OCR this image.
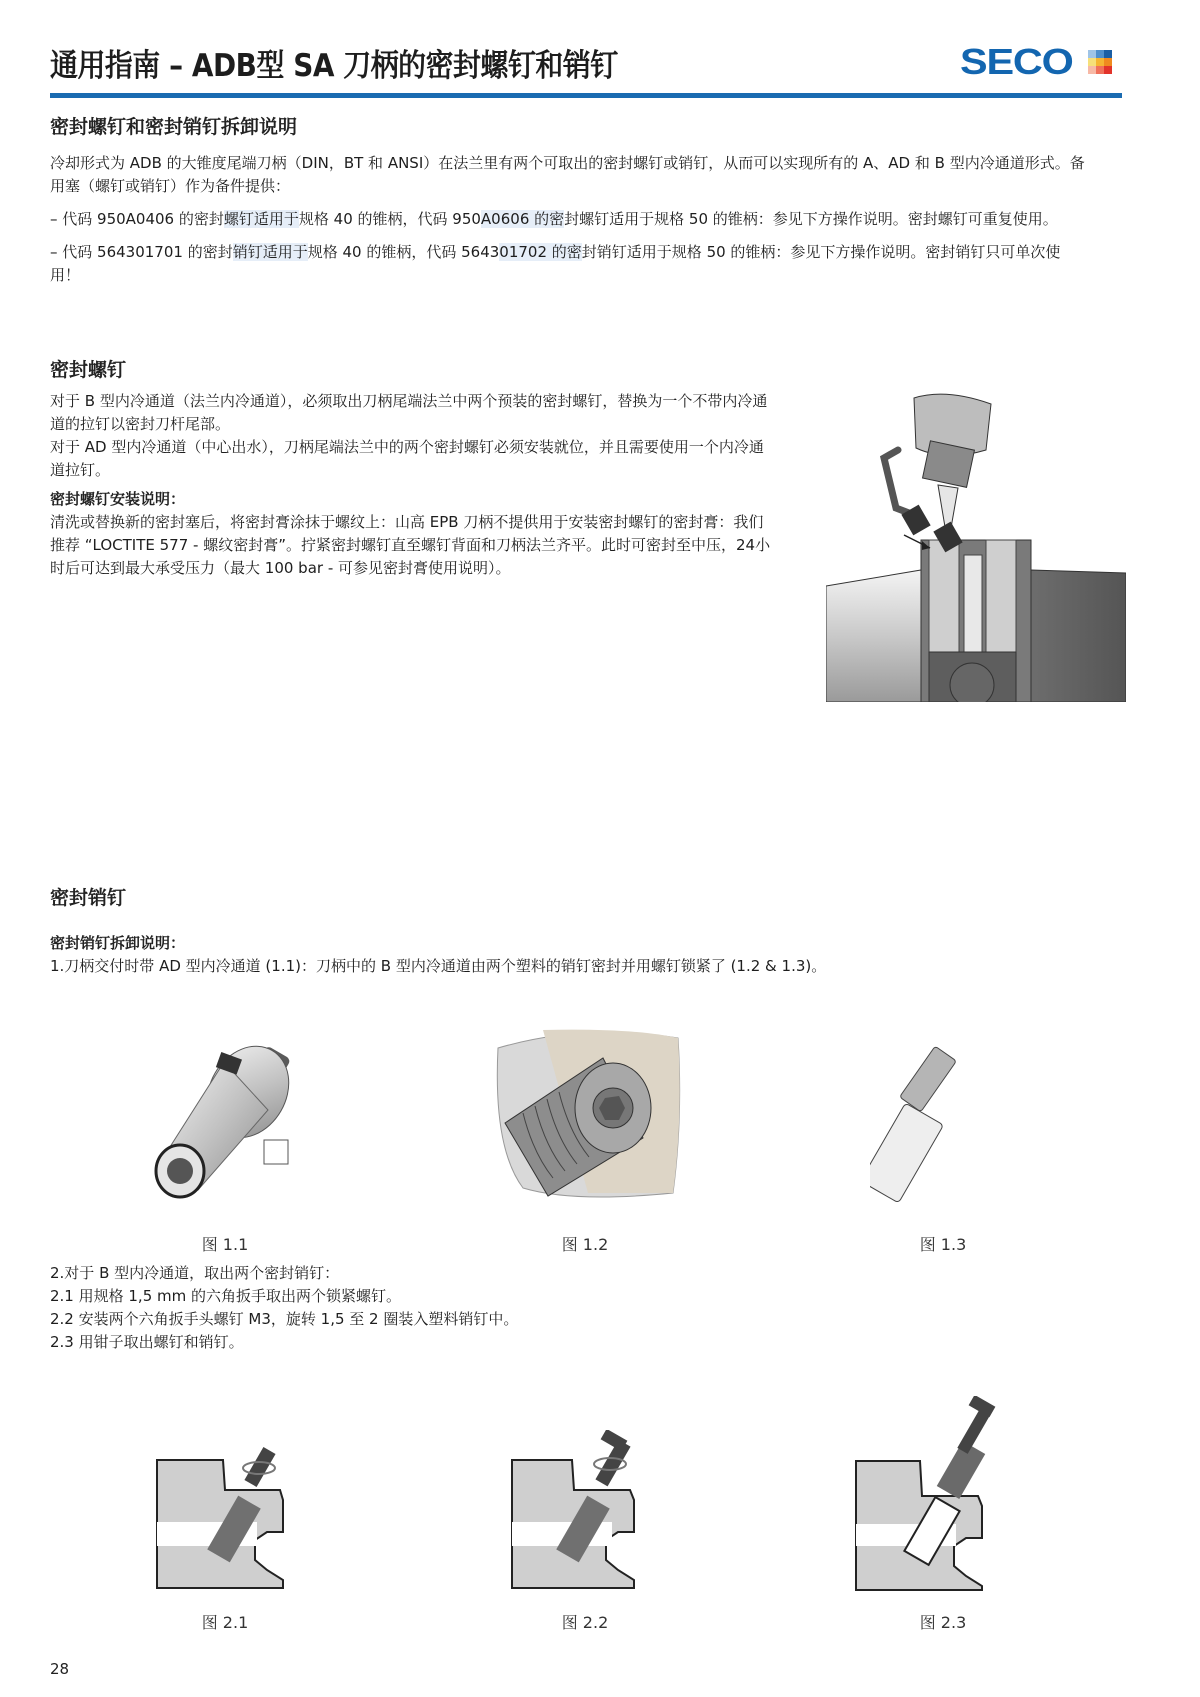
通用指南 – ADB型 SA 刀柄的密封螺钉和销钉	SECO
密封螺钉和密封销钉拆卸说明

冷却形式为 ADB 的大锥度尾端刀柄（DIN，BT 和 ANSI）在法兰里有两个可取出的密封螺钉或销钉，从而可以实现所有的 A、AD 和 B 型内冷通道形式。备用塞（螺钉或销钉）作为备件提供：

– 代码 950A0406 的密封螺钉适用于规格 40 的锥柄，代码 950A0606 的密封螺钉适用于规格 50 的锥柄：参见下方操作说明。密封螺钉可重复使用。

– 代码 564301701 的密封销钉适用于规格 40 的锥柄，代码 564301702 的密封销钉适用于规格 50 的锥柄：参见下方操作说明。密封销钉只可单次使用！

密封螺钉

对于 B 型内冷通道（法兰内冷通道），必须取出刀柄尾端法兰中两个预装的密封螺钉，替换为一个不带内冷通道的拉钉以密封刀杆尾部。

对于 AD 型内冷通道（中心出水），刀柄尾端法兰中的两个密封螺钉必须安装就位，并且需要使用一个内冷通道拉钉。

密封螺钉安装说明：

清洗或替换新的密封塞后，将密封膏涂抹于螺纹上：山高 EPB 刀柄不提供用于安装密封螺钉的密封膏：我们推荐 “LOCTITE 577 - 螺纹密封膏”。拧紧密封螺钉直至螺钉背面和刀柄法兰齐平。此时可密封至中压，24小时后可达到最大承受压力（最大 100 bar - 可参见密封膏使用说明）。

密封销钉
密封销钉拆卸说明：
1.刀柄交付时带 AD 型内冷通道 (1.1)：刀柄中的 B 型内冷通道由两个塑料的销钉密封并用螺钉锁紧了 (1.2 & 1.3)。
图 1.1	图 1.2	图 1.3
2.对于 B 型内冷通道，取出两个密封销钉：
2.1 用规格 1,5 mm 的六角扳手取出两个锁紧螺钉。
2.2 安装两个六角扳手头螺钉 M3，旋转 1,5 至 2 圈装入塑料销钉中。
2.3 用钳子取出螺钉和销钉。
图 2.1	图 2.2	图 2.3
28
